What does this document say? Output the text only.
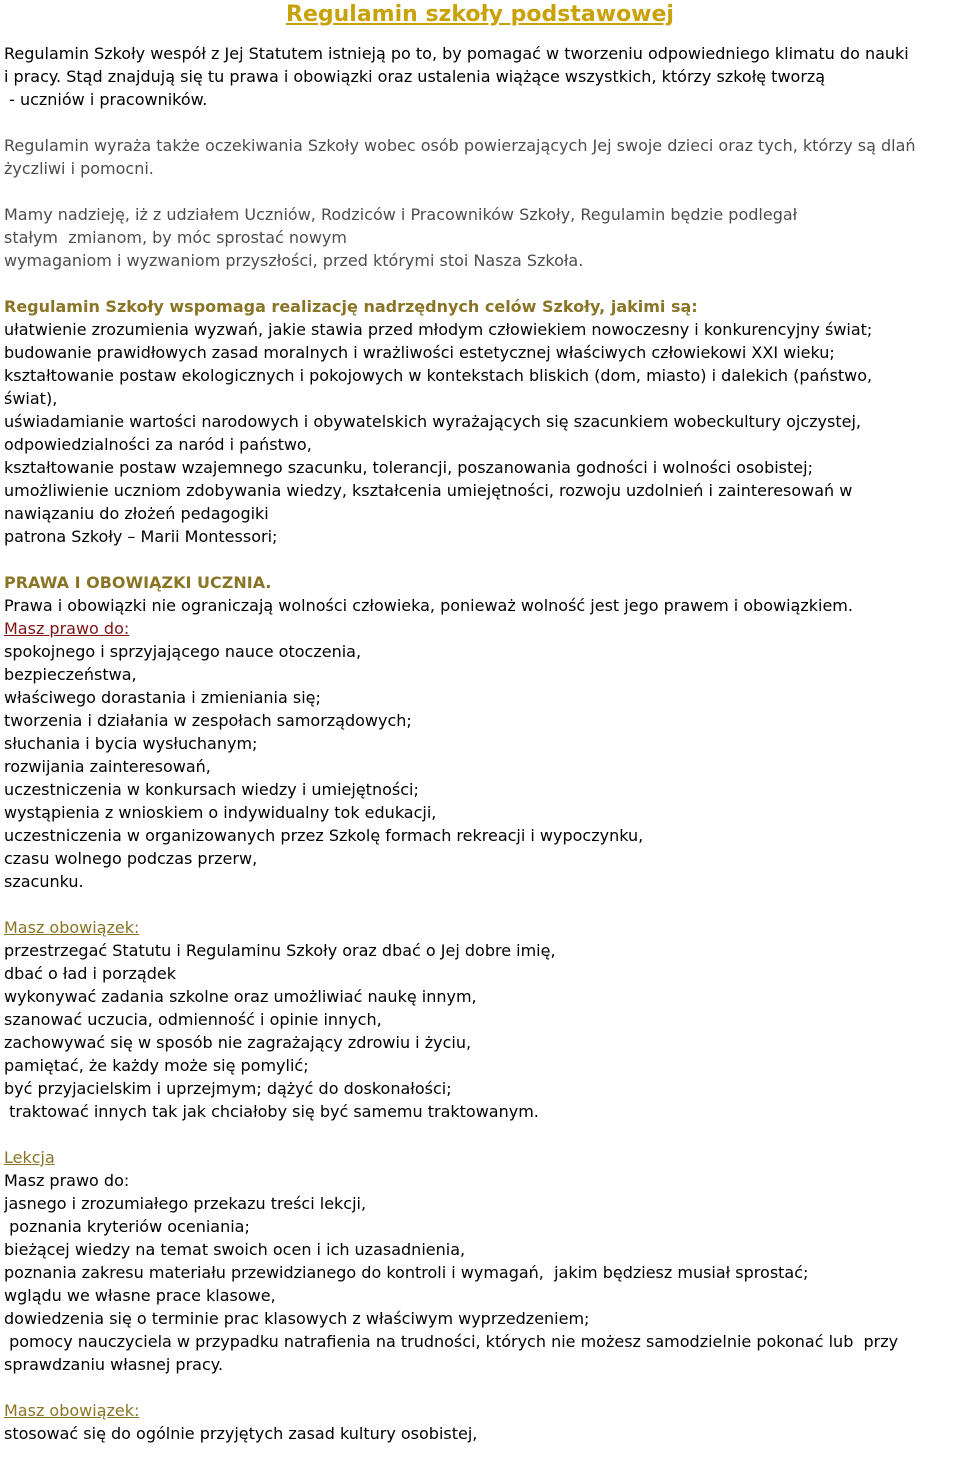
Regulamin szkoły podstawowej
Regulamin Szkoły wespół z Jej Statutem istnieją po to, by pomagać w tworzeniu odpowiedniego klimatu do nauki
i pracy. Stąd znajdują się tu prawa i obowiązki oraz ustalenia wiążące wszystkich, którzy szkołę tworzą
- uczniów i pracowników.
Regulamin wyraża także oczekiwania Szkoły wobec osób powierzających Jej swoje dzieci oraz tych, którzy są dlań
życzliwi i pomocni.
Mamy nadzieję, iż z udziałem Uczniów, Rodziców i Pracowników Szkoły, Regulamin będzie podlegał
stałym  zmianom, by móc sprostać nowym
wymaganiom i wyzwaniom przyszłości, przed którymi stoi Nasza Szkoła.
Regulamin Szkoły wspomaga realizację nadrzędnych celów Szkoły, jakimi są:
ułatwienie zrozumienia wyzwań, jakie stawia przed młodym człowiekiem nowoczesny i konkurencyjny świat;
budowanie prawidłowych zasad moralnych i wrażliwości estetycznej właściwych człowiekowi XXI wieku;
kształtowanie postaw ekologicznych i pokojowych w kontekstach bliskich (dom, miasto) i dalekich (państwo,
świat),
uświadamianie wartości narodowych i obywatelskich wyrażających się szacunkiem wobeckultury ojczystej,
odpowiedzialności za naród i państwo,
kształtowanie postaw wzajemnego szacunku, tolerancji, poszanowania godności i wolności osobistej;
umożliwienie uczniom zdobywania wiedzy, kształcenia umiejętności, rozwoju uzdolnień i zainteresowań w
nawiązaniu do złożeń pedagogiki
patrona Szkoły – Marii Montessori;
PRAWA I OBOWIĄZKI UCZNIA.
Prawa i obowiązki nie ograniczają wolności człowieka, ponieważ wolność jest jego prawem i obowiązkiem.
Masz prawo do:
spokojnego i sprzyjającego nauce otoczenia,
bezpieczeństwa,
właściwego dorastania i zmieniania się;
tworzenia i działania w zespołach samorządowych;
słuchania i bycia wysłuchanym;
rozwijania zainteresowań,
uczestniczenia w konkursach wiedzy i umiejętności;
wystąpienia z wnioskiem o indywidualny tok edukacji,
uczestniczenia w organizowanych przez Szkolę formach rekreacji i wypoczynku,
czasu wolnego podczas przerw,
szacunku.
Masz obowiązek:
przestrzegać Statutu i Regulaminu Szkoły oraz dbać o Jej dobre imię,
dbać o ład i porządek
wykonywać zadania szkolne oraz umożliwiać naukę innym,
szanować uczucia, odmienność i opinie innych,
zachowywać się w sposób nie zagrażający zdrowiu i życiu,
pamiętać, że każdy może się pomylić;
być przyjacielskim i uprzejmym; dążyć do doskonałości;
traktować innych tak jak chciałoby się być samemu traktowanym.
Lekcja
Masz prawo do:
jasnego i zrozumiałego przekazu treści lekcji,
poznania kryteriów oceniania;
bieżącej wiedzy na temat swoich ocen i ich uzasadnienia,
poznania zakresu materiału przewidzianego do kontroli i wymagań,  jakim będziesz musiał sprostać;
wglądu we własne prace klasowe,
dowiedzenia się o terminie prac klasowych z właściwym wyprzedzeniem;
pomocy nauczyciela w przypadku natrafienia na trudności, których nie możesz samodzielnie pokonać lub  przy
sprawdzaniu własnej pracy.
Masz obowiązek:
stosować się do ogólnie przyjętych zasad kultury osobistej,
